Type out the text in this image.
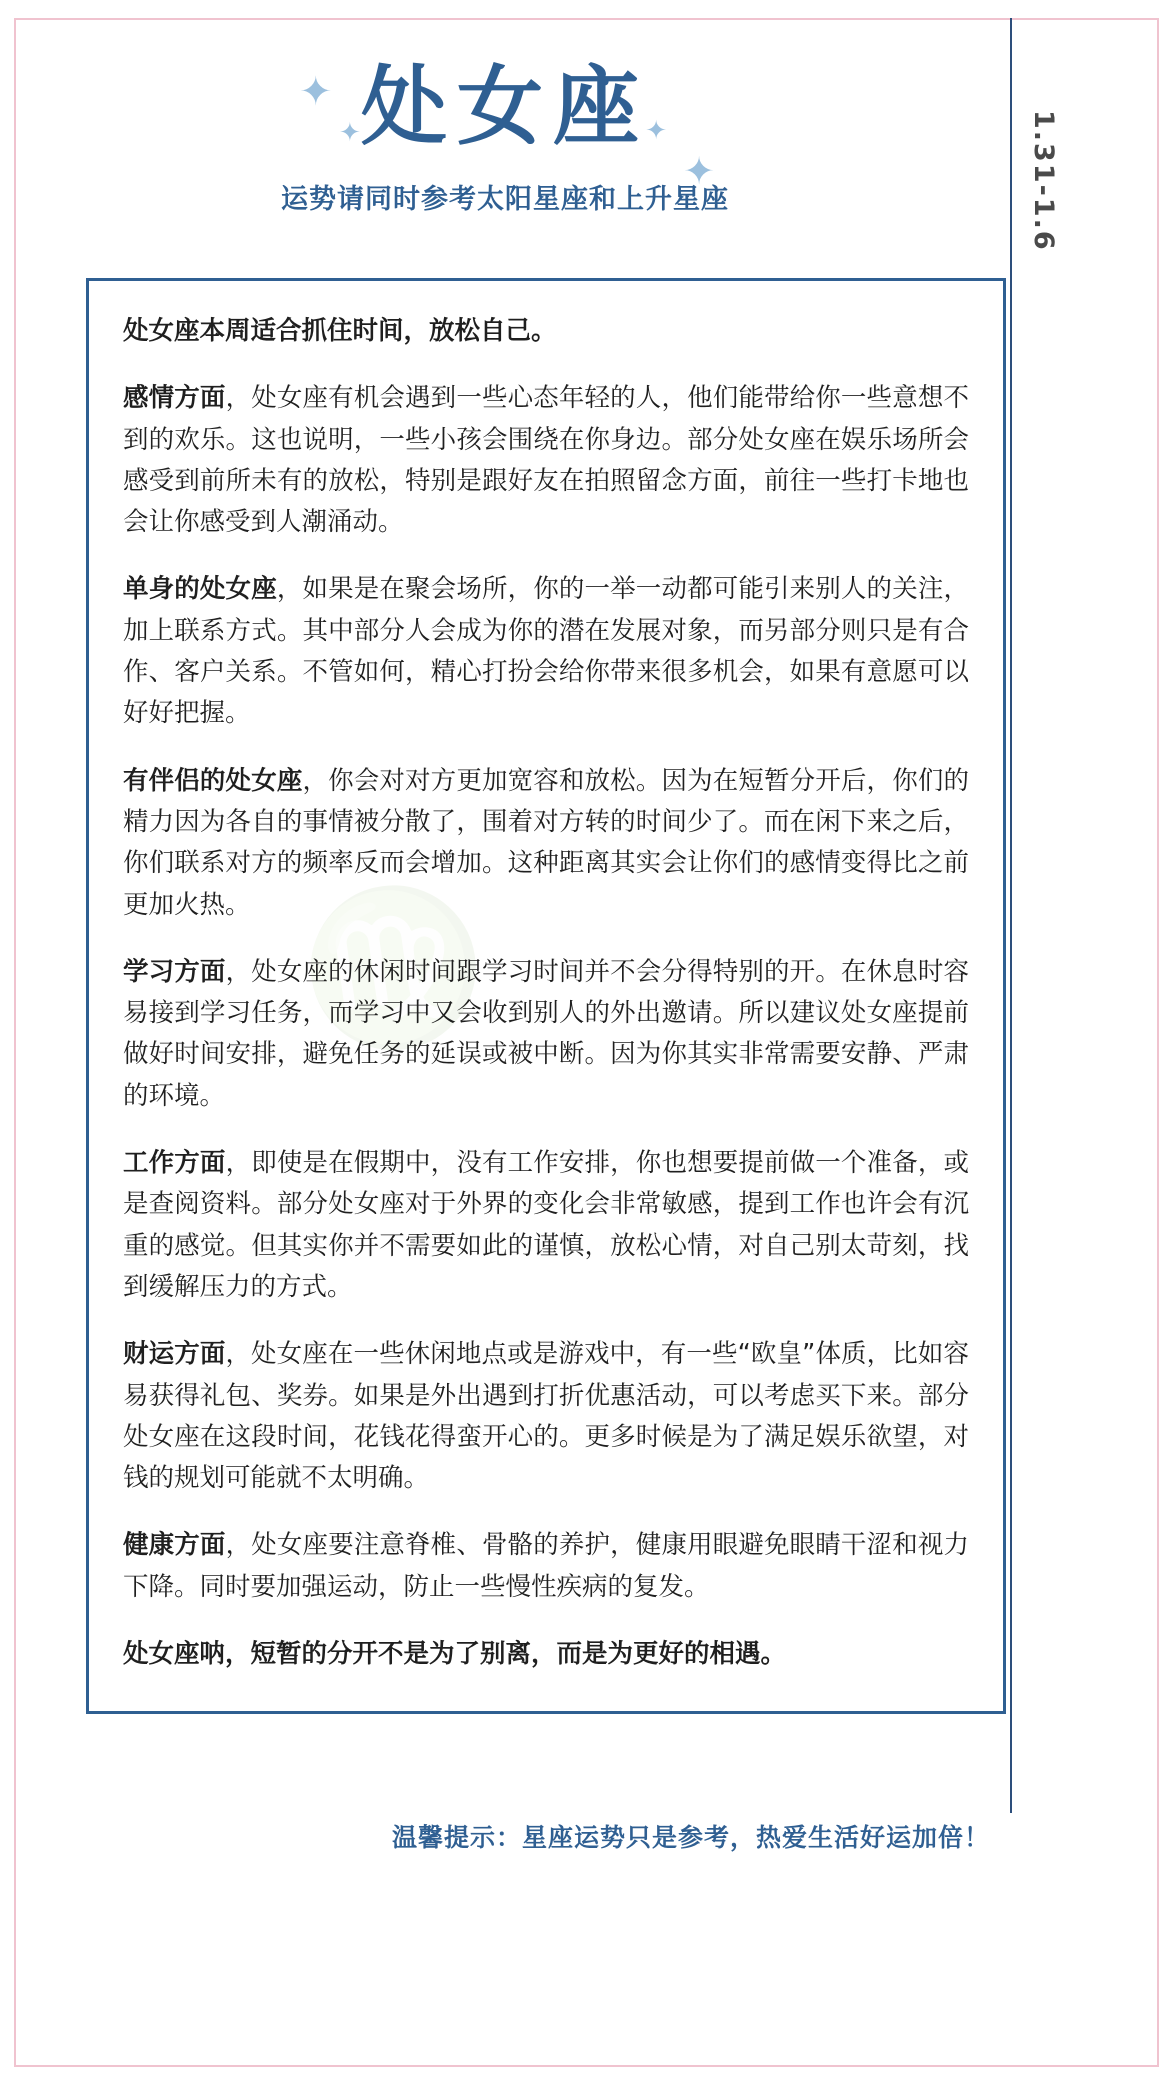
♍
✦
✦	✦
✦
处女座
运势请同时参考太阳星座和上升星座	1.31-1.6

处女座本周适合抓住时间，放松自己。

感情方面，处女座有机会遇到一些心态年轻的人，他们能带给你一些意想不到的欢乐。这也说明，一些小孩会围绕在你身边。部分处女座在娱乐场所会感受到前所未有的放松，特别是跟好友在拍照留念方面，前往一些打卡地也会让你感受到人潮涌动。

单身的处女座，如果是在聚会场所，你的一举一动都可能引来别人的关注，加上联系方式。其中部分人会成为你的潜在发展对象，而另部分则只是有合作、客户关系。不管如何，精心打扮会给你带来很多机会，如果有意愿可以好好把握。

有伴侣的处女座，你会对对方更加宽容和放松。因为在短暂分开后，你们的精力因为各自的事情被分散了，围着对方转的时间少了。而在闲下来之后，你们联系对方的频率反而会增加。这种距离其实会让你们的感情变得比之前更加火热。

学习方面，处女座的休闲时间跟学习时间并不会分得特别的开。在休息时容易接到学习任务，而学习中又会收到别人的外出邀请。所以建议处女座提前做好时间安排，避免任务的延误或被中断。因为你其实非常需要安静、严肃的环境。

工作方面，即使是在假期中，没有工作安排，你也想要提前做一个准备，或是查阅资料。部分处女座对于外界的变化会非常敏感，提到工作也许会有沉重的感觉。但其实你并不需要如此的谨慎，放松心情，对自己别太苛刻，找到缓解压力的方式。

财运方面，处女座在一些休闲地点或是游戏中，有一些“欧皇”体质，比如容易获得礼包、奖券。如果是外出遇到打折优惠活动，可以考虑买下来。部分处女座在这段时间，花钱花得蛮开心的。更多时候是为了满足娱乐欲望，对钱的规划可能就不太明确。

健康方面，处女座要注意脊椎、骨骼的养护，健康用眼避免眼睛干涩和视力下降。同时要加强运动，防止一些慢性疾病的复发。

处女座呐，短暂的分开不是为了别离，而是为更好的相遇。

温馨提示：星座运势只是参考，热爱生活好运加倍！
